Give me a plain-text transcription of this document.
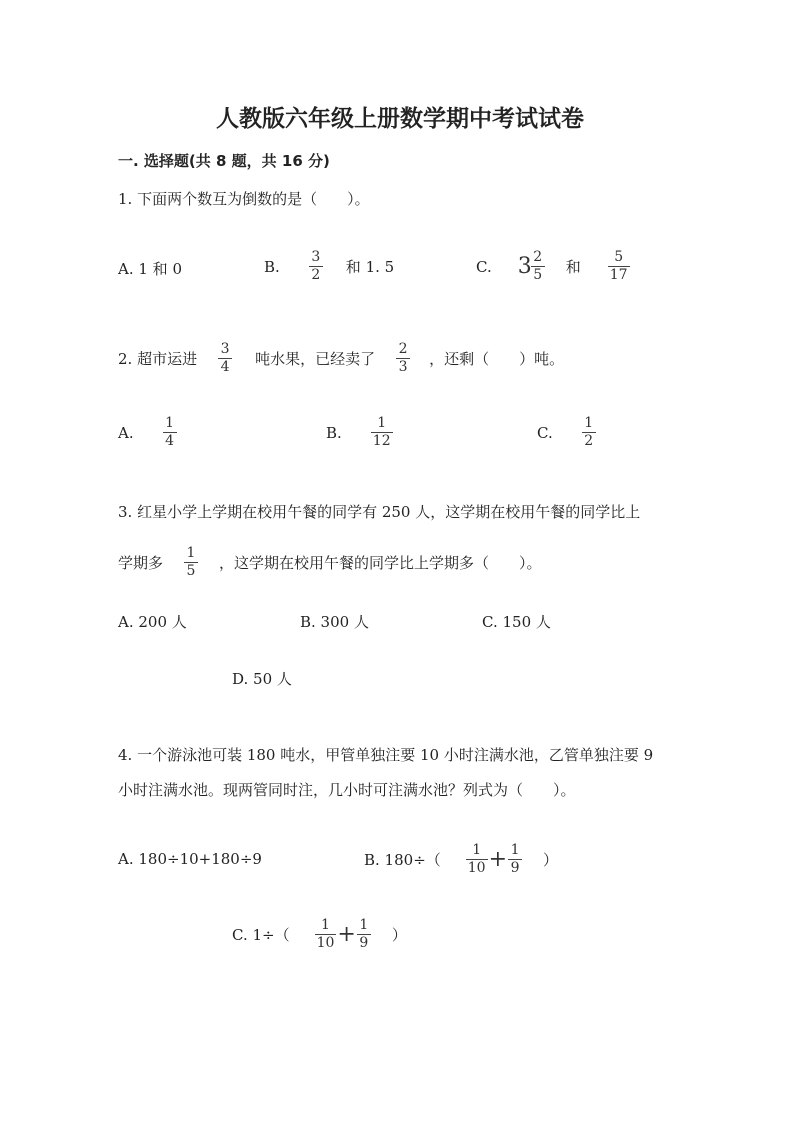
人教版六年级上册数学期中考试试卷
一. 选择题(共 8 题，共 16 分)
1. 下面两个数互为倒数的是（　　）。
A. 1 和 0	B. $\frac{3}{2}$ 和 1. 5	C. $3 \frac{2}{5}$ 和 $\frac{5}{17}$
2. 超市运进 $\frac{3}{4}$ 吨水果，已经卖了 $\frac{2}{3}$ ，还剩（　　）吨。
A. $\frac{1}{4}$	B. $\frac{1}{12}$	C. $\frac{1}{2}$
3. 红星小学上学期在校用午餐的同学有 250 人，这学期在校用午餐的同学比上
学期多 $\frac{1}{5}$ ，这学期在校用午餐的同学比上学期多（　　）。
A. 200 人	B. 300 人	C. 150 人
D. 50 人
4. 一个游泳池可装 180 吨水，甲管单独注要 10 小时注满水池，乙管单独注要 9
小时注满水池。现两管同时注，几小时可注满水池？列式为（　　）。
A. 180÷10+180÷9	B. $180\div( \frac{1}{10} + \frac{1}{9}$ ）
C. $1\div( \frac{1}{10} + \frac{1}{9}$ ）
